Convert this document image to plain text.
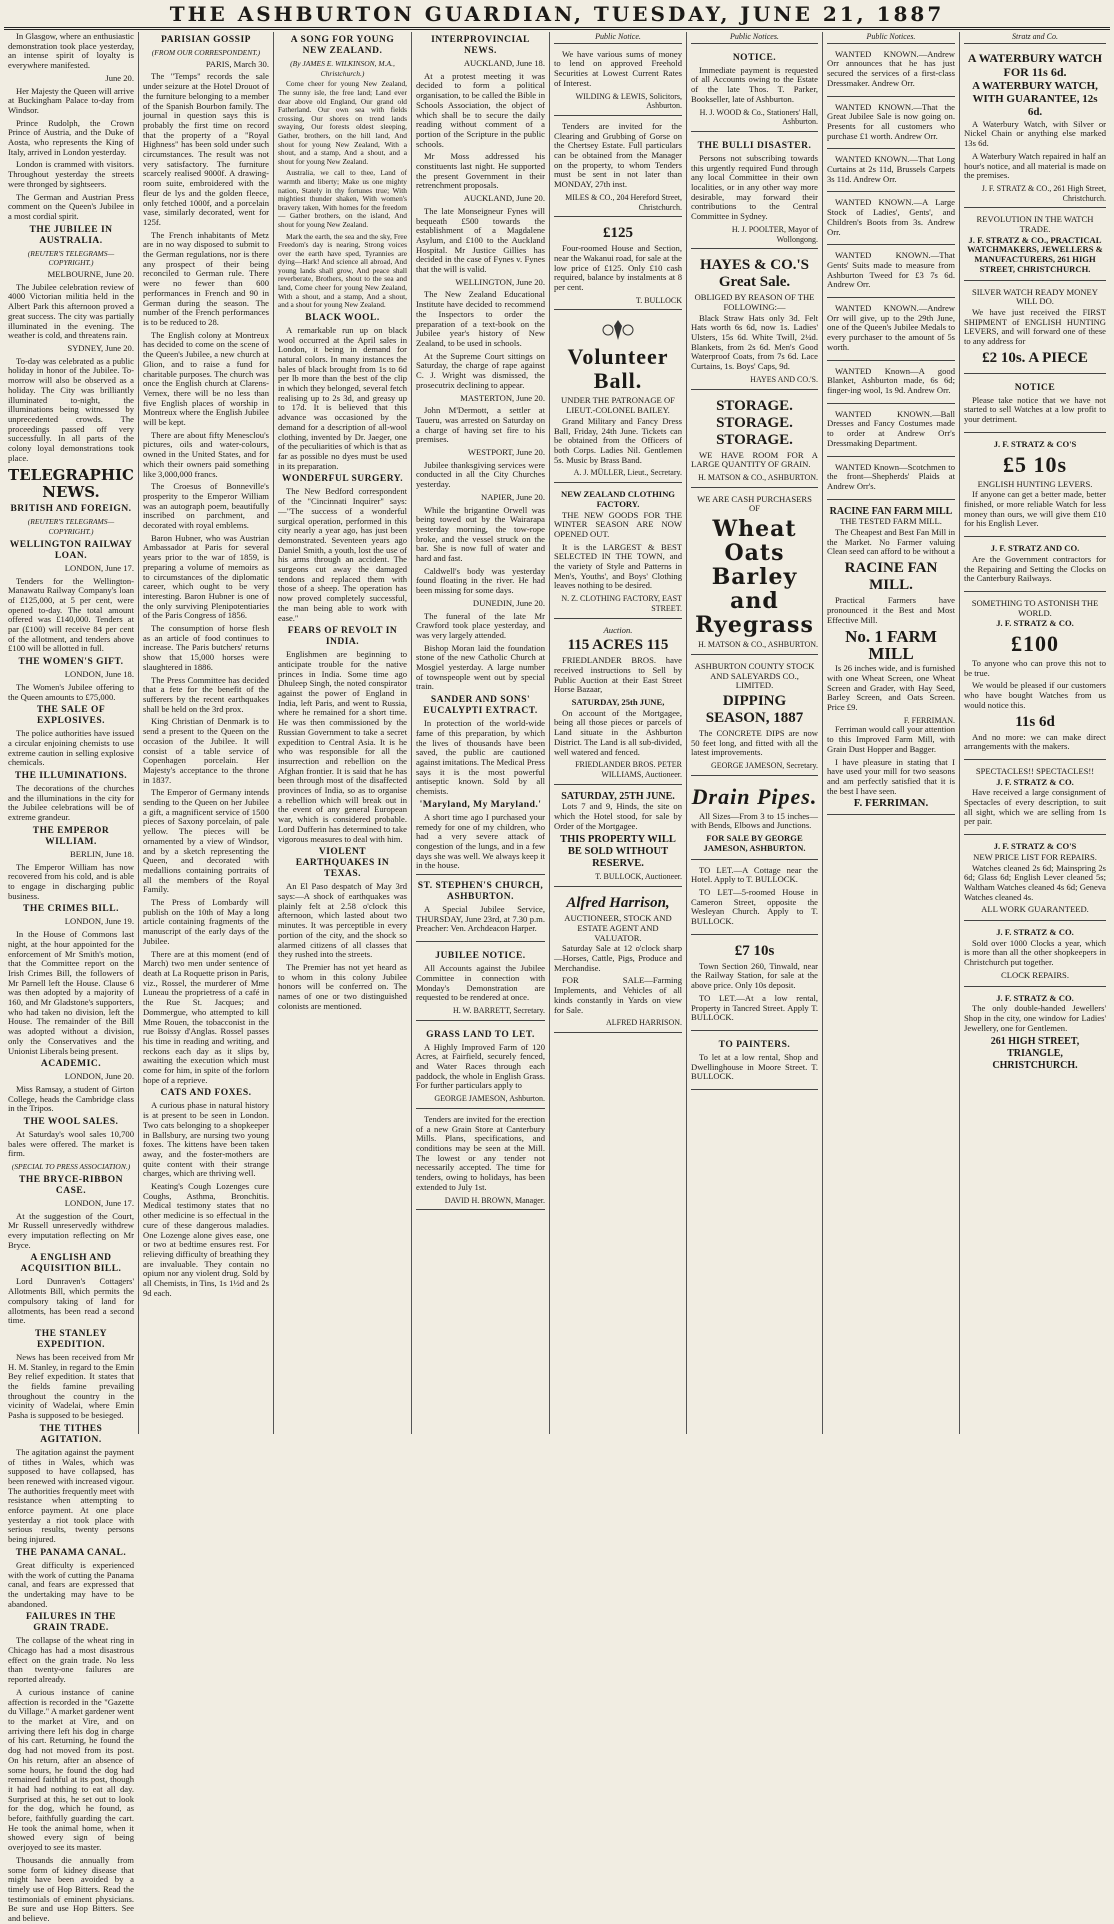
THE ASHBURTON GUARDIAN, TUESDAY, JUNE 21, 1887

In Glasgow, where an enthusiastic demonstration took place yesterday, an intense spirit of loyalty is everywhere manifested.

June 20.

Her Majesty the Queen will arrive at Buckingham Palace to-day from Windsor.

Prince Rudolph, the Crown Prince of Austria, and the Duke of Aosta, who represents the King of Italy, arrived in London yesterday.

London is crammed with visitors. Throughout yesterday the streets were thronged by sightseers.

The German and Austrian Press comment on the Queen's Jubilee in a most cordial spirit.

THE JUBILEE IN AUSTRALIA.
(REUTER'S TELEGRAMS—COPYRIGHT.)

MELBOURNE, June 20.

The Jubilee celebration review of 4000 Victorian militia held in the Albert Park this afternoon proved a great success. The city was partially illuminated in the evening. The weather is cold, and threatens rain.

SYDNEY, June 20.

To-day was celebrated as a public holiday in honor of the Jubilee. To-morrow will also be observed as a holiday. The City was brilliantly illuminated to-night, the illuminations being witnessed by unprecedented crowds. The proceedings passed off very successfully. In all parts of the colony loyal demonstrations took place.

TELEGRAPHIC NEWS.
BRITISH AND FOREIGN.
(REUTER'S TELEGRAMS—COPYRIGHT.)
WELLINGTON RAILWAY LOAN.

LONDON, June 17.

Tenders for the Wellington-Manawatu Railway Company's loan of £125,000, at 5 per cent, were opened to-day. The total amount offered was £140,000. Tenders at par (£100) will receive 84 per cent of the allotment, and tenders above £100 will be allotted in full.

THE WOMEN'S GIFT.

LONDON, June 18.

The Women's Jubilee offering to the Queen amounts to £75,000.

THE SALE OF EXPLOSIVES.

The police authorities have issued a circular enjoining chemists to use extreme caution in selling explosive chemicals.

THE ILLUMINATIONS.

The decorations of the churches and the illuminations in the city for the Jubilee celebrations will be of extreme grandeur.

THE EMPEROR WILLIAM.

BERLIN, June 18.

The Emperor William has now recovered from his cold, and is able to engage in discharging public business.

THE CRIMES BILL.

LONDON, June 19.

In the House of Commons last night, at the hour appointed for the enforcement of Mr Smith's motion, that the Committee report on the Irish Crimes Bill, the followers of Mr Parnell left the House. Clause 6 was then adopted by a majority of 160, and Mr Gladstone's supporters, who had taken no division, left the House. The remainder of the Bill was adopted without a division, only the Conservatives and the Unionist Liberals being present.

ACADEMIC.

LONDON, June 20.

Miss Ramsay, a student of Girton College, heads the Cambridge class in the Tripos.

THE WOOL SALES.

At Saturday's wool sales 10,700 bales were offered. The market is firm.

(SPECIAL TO PRESS ASSOCIATION.)
THE BRYCE-RIBBON CASE.

LONDON, June 17.

At the suggestion of the Court, Mr Russell unreservedly withdrew every imputation reflecting on Mr Bryce.

A ENGLISH AND ACQUISITION BILL.

Lord Dunraven's Cottagers' Allotments Bill, which permits the compulsory taking of land for allotments, has been read a second time.

THE STANLEY EXPEDITION.

News has been received from Mr H. M. Stanley, in regard to the Emin Bey relief expedition. It states that the fields famine prevailing throughout the country in the vicinity of Wadelai, where Emin Pasha is supposed to be besieged.

THE TITHES AGITATION.

The agitation against the payment of tithes in Wales, which was supposed to have collapsed, has been renewed with increased vigour. The authorities frequently meet with resistance when attempting to enforce payment. At one place yesterday a riot took place with serious results, twenty persons being injured.

THE PANAMA CANAL.

Great difficulty is experienced with the work of cutting the Panama canal, and fears are expressed that the undertaking may have to be abandoned.

FAILURES IN THE GRAIN TRADE.

The collapse of the wheat ring in Chicago has had a most disastrous effect on the grain trade. No less than twenty-one failures are reported already.

A curious instance of canine affection is recorded in the "Gazette du Village." A market gardener went to the market at Vire, and on arriving there left his dog in charge of his cart. Returning, he found the dog had not moved from its post. On his return, after an absence of some hours, he found the dog had remained faithful at its post, though it had had nothing to eat all day. Surprised at this, he set out to look for the dog, which he found, as before, faithfully guarding the cart. He took the animal home, when it showed every sign of being overjoyed to see its master.

Thousands die annually from some form of kidney disease that might have been avoided by a timely use of Hop Bitters. Read the testimonials of eminent physicians. Be sure and use Hop Bitters. See and believe.

PARISIAN GOSSIP
(FROM OUR CORRESPONDENT.)

PARIS, March 30.

The "Temps" records the sale under seizure at the Hotel Drouot of the furniture belonging to a member of the Spanish Bourbon family. The journal in question says this is probably the first time on record that the property of a "Royal Highness" has been sold under such circumstances. The result was not very satisfactory. The furniture scarcely realised 9000f. A drawing-room suite, embroidered with the fleur de lys and the golden fleece, only fetched 1000f, and a porcelain vase, similarly decorated, went for 125f.

The French inhabitants of Metz are in no way disposed to submit to the German regulations, nor is there any prospect of their being reconciled to German rule. There were no fewer than 600 performances in French and 90 in German during the season. The number of the French performances is to be reduced to 28.

The English colony at Montreux has decided to come on the scene of the Queen's Jubilee, a new church at Glion, and to raise a fund for charitable purposes. The church was once the English church at Clarens-Vernex, there will be no less than five English places of worship in Montreux where the English Jubilee will be kept.

There are about fifty Menesclou's pictures, oils and water-colours, owned in the United States, and for which their owners paid something like 3,000,000 francs.

The Croesus of Bonneville's prosperity to the Emperor William was an autograph poem, beautifully inscribed on parchment, and decorated with royal emblems.

Baron Hubner, who was Austrian Ambassador at Paris for several years prior to the war of 1859, is preparing a volume of memoirs as to circumstances of the diplomatic career, which ought to be very interesting. Baron Hubner is one of the only surviving Plenipotentiaries of the Paris Congress of 1856.

The consumption of horse flesh as an article of food continues to increase. The Paris butchers' returns show that 15,000 horses were slaughtered in 1886.

The Press Committee has decided that a fete for the benefit of the sufferers by the recent earthquakes shall be held on the 3rd prox.

King Christian of Denmark is to send a present to the Queen on the occasion of the Jubilee. It will consist of a table service of Copenhagen porcelain. Her Majesty's acceptance to the throne in 1837.

The Emperor of Germany intends sending to the Queen on her Jubilee a gift, a magnificent service of 1500 pieces of Saxony porcelain, of pale yellow. The pieces will be ornamented by a view of Windsor, and by a sketch representing the Queen, and decorated with medallions containing portraits of all the members of the Royal Family.

The Press of Lombardy will publish on the 10th of May a long article containing fragments of the manuscript of the early days of the Jubilee.

There are at this moment (end of March) two men under sentence of death at La Roquette prison in Paris, viz., Rossel, the murderer of Mme Luneau the proprietress of a café in the Rue St. Jacques; and Dommergue, who attempted to kill Mme Rouen, the tobacconist in the rue Boissy d'Anglas. Rossel passes his time in reading and writing, and reckons each day as it slips by, awaiting the execution which must come for him, in spite of the forlorn hope of a reprieve.

CATS AND FOXES.

A curious phase in natural history is at present to be seen in London. Two cats belonging to a shopkeeper in Ballsbury, are nursing two young foxes. The kittens have been taken away, and the foster-mothers are quite content with their strange charges, which are thriving well.

Keating's Cough Lozenges cure Coughs, Asthma, Bronchitis. Medical testimony states that no other medicine is so effectual in the cure of these dangerous maladies. One Lozenge alone gives ease, one or two at bedtime ensures rest. For relieving difficulty of breathing they are invaluable. They contain no opium nor any violent drug. Sold by all Chemists, in Tins, 1s 1½d and 2s 9d each.

A SONG FOR YOUNG NEW ZEALAND.
(By JAMES E. WILKINSON, M.A., Christchurch.)

Come cheer for young New Zealand, The sunny isle, the free land; Land ever dear above old England, Our grand old Fatherland. Our own sea with fields crossing, Our shores on trend lands swaying, Our forests oldest sleeping, Gather, brothers, on the hill land, And shout for young New Zealand, With a shout, and a stamp, And a shout, and a shout for young New Zealand.

Australia, we call to thee, Land of warmth and liberty; Make us one mighty nation, Stately in thy fortunes true; With mightiest thunder shaken, With women's bravery taken, With homes for the freedom — Gather brothers, on the island, And shout for young New Zealand.

Mark the earth, the sea and the sky, Free Freedom's day is nearing, Strong voices over the earth have sped, Tyrannies are dying—Hark! And science all abroad, And young lands shall grow, And peace shall reverberate, Brothers, shout to the sea and land, Come cheer for young New Zealand, With a shout, and a stamp, And a shout, and a shout for young New Zealand.

BLACK WOOL.

A remarkable run up on black wool occurred at the April sales in London, it being in demand for natural colors. In many instances the bales of black brought from 1s to 6d per lb more than the best of the clip in which they belonged, several fetch realising up to 2s 3d, and greasy up to 17d. It is believed that this advance was occasioned by the demand for a description of all-wool clothing, invented by Dr. Jaeger, one of the peculiarities of which is that as far as possible no dyes must be used in its preparation.

WONDERFUL SURGERY.

The New Bedford correspondent of the "Cincinnati Inquirer" says:—"The success of a wonderful surgical operation, performed in this city nearly a year ago, has just been demonstrated. Seventeen years ago Daniel Smith, a youth, lost the use of his arms through an accident. The surgeons cut away the damaged tendons and replaced them with those of a sheep. The operation has now proved completely successful, the man being able to work with ease."

FEARS OF REVOLT IN INDIA.

Englishmen are beginning to anticipate trouble for the native princes in India. Some time ago Dhuleep Singh, the noted conspirator against the power of England in India, left Paris, and went to Russia, where he remained for a short time. He was then commissioned by the Russian Government to take a secret expedition to Central Asia. It is he who was responsible for all the insurrection and rebellion on the Afghan frontier. It is said that he has been through most of the disaffected provinces of India, so as to organise a rebellion which will break out in the event of any general European war, which is considered probable. Lord Dufferin has determined to take vigorous measures to deal with him.

VIOLENT EARTHQUAKES IN TEXAS.

An El Paso despatch of May 3rd says:—A shock of earthquakes was plainly felt at 2.58 o'clock this afternoon, which lasted about two minutes. It was perceptible in every portion of the city, and the shock so alarmed citizens of all classes that they rushed into the streets.

The Premier has not yet heard as to whom in this colony Jubilee honors will be conferred on. The names of one or two distinguished colonists are mentioned.

INTERPROVINCIAL NEWS.

AUCKLAND, June 18.

At a protest meeting it was decided to form a political organisation, to be called the Bible in Schools Association, the object of which shall be to secure the daily reading without comment of a portion of the Scripture in the public schools.

Mr Moss addressed his constituents last night. He supported the present Government in their retrenchment proposals.

AUCKLAND, June 20.

The late Monseigneur Fynes will bequeath £500 towards the establishment of a Magdalene Asylum, and £100 to the Auckland Hospital. Mr Justice Gillies has decided in the case of Fynes v. Fynes that the will is valid.

WELLINGTON, June 20.

The New Zealand Educational Institute have decided to recommend the Inspectors to order the preparation of a text-book on the Jubilee year's history of New Zealand, to be used in schools.

At the Supreme Court sittings on Saturday, the charge of rape against C. J. Wright was dismissed, the prosecutrix declining to appear.

MASTERTON, June 20.

John M'Dermott, a settler at Taueru, was arrested on Saturday on a charge of having set fire to his premises.

WESTPORT, June 20.

Jubilee thanksgiving services were conducted in all the City Churches yesterday.

NAPIER, June 20.

While the brigantine Orwell was being towed out by the Wairarapa yesterday morning, the tow-rope broke, and the vessel struck on the bar. She is now full of water and hard and fast.

Caldwell's body was yesterday found floating in the river. He had been missing for some days.

DUNEDIN, June 20.

The funeral of the late Mr Crawford took place yesterday, and was very largely attended.

Bishop Moran laid the foundation stone of the new Catholic Church at Mosgiel yesterday. A large number of townspeople went out by special train.

SANDER AND SONS' EUCALYPTI EXTRACT.

In protection of the world-wide fame of this preparation, by which the lives of thousands have been saved, the public are cautioned against imitations. The Medical Press says it is the most powerful antiseptic known. Sold by all chemists.

'Maryland, My Maryland.'

A short time ago I purchased your remedy for one of my children, who had a very severe attack of congestion of the lungs, and in a few days she was well. We always keep it in the house.

ST. STEPHEN'S CHURCH, ASHBURTON.

A Special Jubilee Service, THURSDAY, June 23rd, at 7.30 p.m. Preacher: Ven. Archdeacon Harper.

JUBILEE NOTICE.

All Accounts against the Jubilee Committee in connection with Monday's Demonstration are requested to be rendered at once.

H. W. BARRETT, Secretary.
GRASS LAND TO LET.

A Highly Improved Farm of 120 Acres, at Fairfield, securely fenced, and Water Races through each paddock, the whole in English Grass. For further particulars apply to

GEORGE JAMESON, Ashburton.

Tenders are invited for the erection of a new Grain Store at Canterbury Mills. Plans, specifications, and conditions may be seen at the Mill. The lowest or any tender not necessarily accepted. The time for tenders, owing to holidays, has been extended to July 1st.

DAVID H. BROWN, Manager.
Public Notice.

We have various sums of money to lend on approved Freehold Securities at Lowest Current Rates of Interest.

WILDING & LEWIS, Solicitors, Ashburton.

Tenders are invited for the Clearing and Grubbing of Gorse on the Chertsey Estate. Full particulars can be obtained from the Manager on the property, to whom Tenders must be sent in not later than MONDAY, 27th inst.

MILES & CO., 204 Hereford Street, Christchurch.
£125

Four-roomed House and Section, near the Wakanui road, for sale at the low price of £125. Only £10 cash required, balance by instalments at 8 per cent.

T. BULLOCK
Volunteer Ball.
UNDER THE PATRONAGE OF LIEUT.-COLONEL BAILEY.

Grand Military and Fancy Dress Ball, Friday, 24th June. Tickets can be obtained from the Officers of both Corps. Ladies Nil. Gentlemen 5s. Music by Brass Band.

A. J. MÜLLER, Lieut., Secretary.
NEW ZEALAND CLOTHING FACTORY.

THE NEW GOODS FOR THE WINTER SEASON ARE NOW OPENED OUT.

It is the LARGEST & BEST SELECTED IN THE TOWN, and the variety of Style and Patterns in Men's, Youths', and Boys' Clothing leaves nothing to be desired.

N. Z. CLOTHING FACTORY, EAST STREET.
Auction.
115 ACRES 115

FRIEDLANDER BROS. have received instructions to Sell by Public Auction at their East Street Horse Bazaar,

SATURDAY, 25th JUNE,

On account of the Mortgagee, being all those pieces or parcels of Land situate in the Ashburton District. The Land is all sub-divided, well watered and fenced.

FRIEDLANDER BROS. PETER WILLIAMS, Auctioneer.
SATURDAY, 25TH JUNE.

Lots 7 and 9, Hinds, the site on which the Hotel stood, for sale by Order of the Mortgagee.

THIS PROPERTY WILL BE SOLD WITHOUT RESERVE.
T. BULLOCK, Auctioneer.
Alfred Harrison,
AUCTIONEER, STOCK AND ESTATE AGENT AND VALUATOR.

Saturday Sale at 12 o'clock sharp —Horses, Cattle, Pigs, Produce and Merchandise.

FOR SALE—Farming Implements, and Vehicles of all kinds constantly in Yards on view for Sale.

ALFRED HARRISON.
Public Notices.
NOTICE.

Immediate payment is requested of all Accounts owing to the Estate of the late Thos. T. Parker, Bookseller, late of Ashburton.

H. J. WOOD & Co., Stationers' Hall, Ashburton.
THE BULLI DISASTER.

Persons not subscribing towards this urgently required Fund through any local Committee in their own localities, or in any other way more desirable, may forward their contributions to the Central Committee in Sydney.

H. J. POOLTER, Mayor of Wollongong.
HAYES & CO.'S Great Sale.
OBLIGED BY REASON OF THE FOLLOWING:—

Black Straw Hats only 3d. Felt Hats worth 6s 6d, now 1s. Ladies' Ulsters, 15s 6d. White Twill, 2¼d. Blankets, from 2s 6d. Men's Good Waterproof Coats, from 7s 6d. Lace Curtains, 1s. Boys' Caps, 9d.

HAYES AND CO.'S.
STORAGE. STORAGE. STORAGE.

WE HAVE ROOM FOR A LARGE QUANTITY OF GRAIN.

H. MATSON & CO., ASHBURTON.
WE ARE CASH PURCHASERS OF
Wheat Oats Barley and Ryegrass
H. MATSON & CO., ASHBURTON.
ASHBURTON COUNTY STOCK AND SALEYARDS CO., LIMITED.
DIPPING SEASON, 1887

The CONCRETE DIPS are now 50 feet long, and fitted with all the latest improvements.

GEORGE JAMESON, Secretary.
Drain Pipes.

All Sizes—From 3 to 15 inches—with Bends, Elbows and Junctions.

FOR SALE BY GEORGE JAMESON, ASHBURTON.

TO LET.—A Cottage near the Hotel. Apply to T. BULLOCK.

TO LET—5-roomed House in Cameron Street, opposite the Wesleyan Church. Apply to T. BULLOCK.

£7 10s

Town Section 260, Tinwald, near the Railway Station, for sale at the above price. Only 10s deposit.

TO LET.—At a low rental, Property in Tancred Street. Apply T. BULLOCK.

TO PAINTERS.

To let at a low rental, Shop and Dwellinghouse in Moore Street. T. BULLOCK.

Public Notices.

WANTED KNOWN.—Andrew Orr announces that he has just secured the services of a first-class Dressmaker. Andrew Orr.

WANTED KNOWN.—That the Great Jubilee Sale is now going on. Presents for all customers who purchase £1 worth. Andrew Orr.

WANTED KNOWN.—That Long Curtains at 2s 11d, Brussels Carpets 3s 11d. Andrew Orr.

WANTED KNOWN.—A Large Stock of Ladies', Gents', and Children's Boots from 3s. Andrew Orr.

WANTED KNOWN.—That Gents' Suits made to measure from Ashburton Tweed for £3 7s 6d. Andrew Orr.

WANTED KNOWN.—Andrew Orr will give, up to the 29th June, one of the Queen's Jubilee Medals to every purchaser to the amount of 5s worth.

WANTED Known—A good Blanket, Ashburton made, 6s 6d; finger-ing wool, 1s 9d. Andrew Orr.

WANTED KNOWN.—Ball Dresses and Fancy Costumes made to order at Andrew Orr's Dressmaking Department.

WANTED Known—Scotchmen to the front—Shepherds' Plaids at Andrew Orr's.

RACINE FAN FARM MILL
THE TESTED FARM MILL.

The Cheapest and Best Fan Mill in the Market. No Farmer valuing Clean seed can afford to be without a

RACINE FAN MILL.

Practical Farmers have pronounced it the Best and Most Effective Mill.

No. 1 FARM MILL

Is 26 inches wide, and is furnished with one Wheat Screen, one Wheat Screen and Grader, with Hay Seed, Barley Screen, and Oats Screen. Price £9.

F. FERRIMAN.

Ferriman would call your attention to this Improved Farm Mill, with Grain Dust Hopper and Bagger.

I have pleasure in stating that I have used your mill for two seasons and am perfectly satisfied that it is the best I have seen.

F. FERRIMAN.
Stratz and Co.
A WATERBURY WATCH FOR 11s 6d.
A WATERBURY WATCH, WITH GUARANTEE, 12s 6d.

A Waterbury Watch, with Silver or Nickel Chain or anything else marked 13s 6d.

A Waterbury Watch repaired in half an hour's notice, and all material is made on the premises.

J. F. STRATZ & CO., 261 High Street, Christchurch.
REVOLUTION IN THE WATCH TRADE.
J. F. STRATZ & CO., PRACTICAL WATCHMAKERS, JEWELLERS & MANUFACTURERS, 261 HIGH STREET, CHRISTCHURCH.
SILVER WATCH READY MONEY WILL DO.

We have just received the FIRST SHIPMENT of ENGLISH HUNTING LEVERS, and will forward one of these to any address for

£2 10s. A PIECE
NOTICE

Please take notice that we have not started to sell Watches at a low profit to your detriment.

J. F. STRATZ & CO'S
£5 10s
ENGLISH HUNTING LEVERS.

If anyone can get a better made, better finished, or more reliable Watch for less money than ours, we will give them £10 for his English Lever.

J. F. STRATZ AND CO.

Are the Government contractors for the Repairing and Setting the Clocks on the Canterbury Railways.

SOMETHING TO ASTONISH THE WORLD.
J. F. STRATZ & CO.
£100

To anyone who can prove this not to be true.

We would be pleased if our customers who have bought Watches from us would notice this.

11s 6d

And no more: we can make direct arrangements with the makers.

SPECTACLES!! SPECTACLES!!
J. F. STRATZ & CO.

Have received a large consignment of Spectacles of every description, to suit all sight, which we are selling from 1s per pair.

J. F. STRATZ & CO'S
NEW PRICE LIST FOR REPAIRS.

Watches cleaned 2s 6d; Mainspring 2s 6d; Glass 6d; English Lever cleaned 5s; Waltham Watches cleaned 4s 6d; Geneva Watches cleaned 4s.

ALL WORK GUARANTEED.
J. F. STRATZ & CO.

Sold over 1000 Clocks a year, which is more than all the other shopkeepers in Christchurch put together.

CLOCK REPAIRS.
J. F. STRATZ & CO.

The only double-handed Jewellers' Shop in the city, one window for Ladies' Jewellery, one for Gentlemen.

261 HIGH STREET, TRIANGLE, CHRISTCHURCH.
